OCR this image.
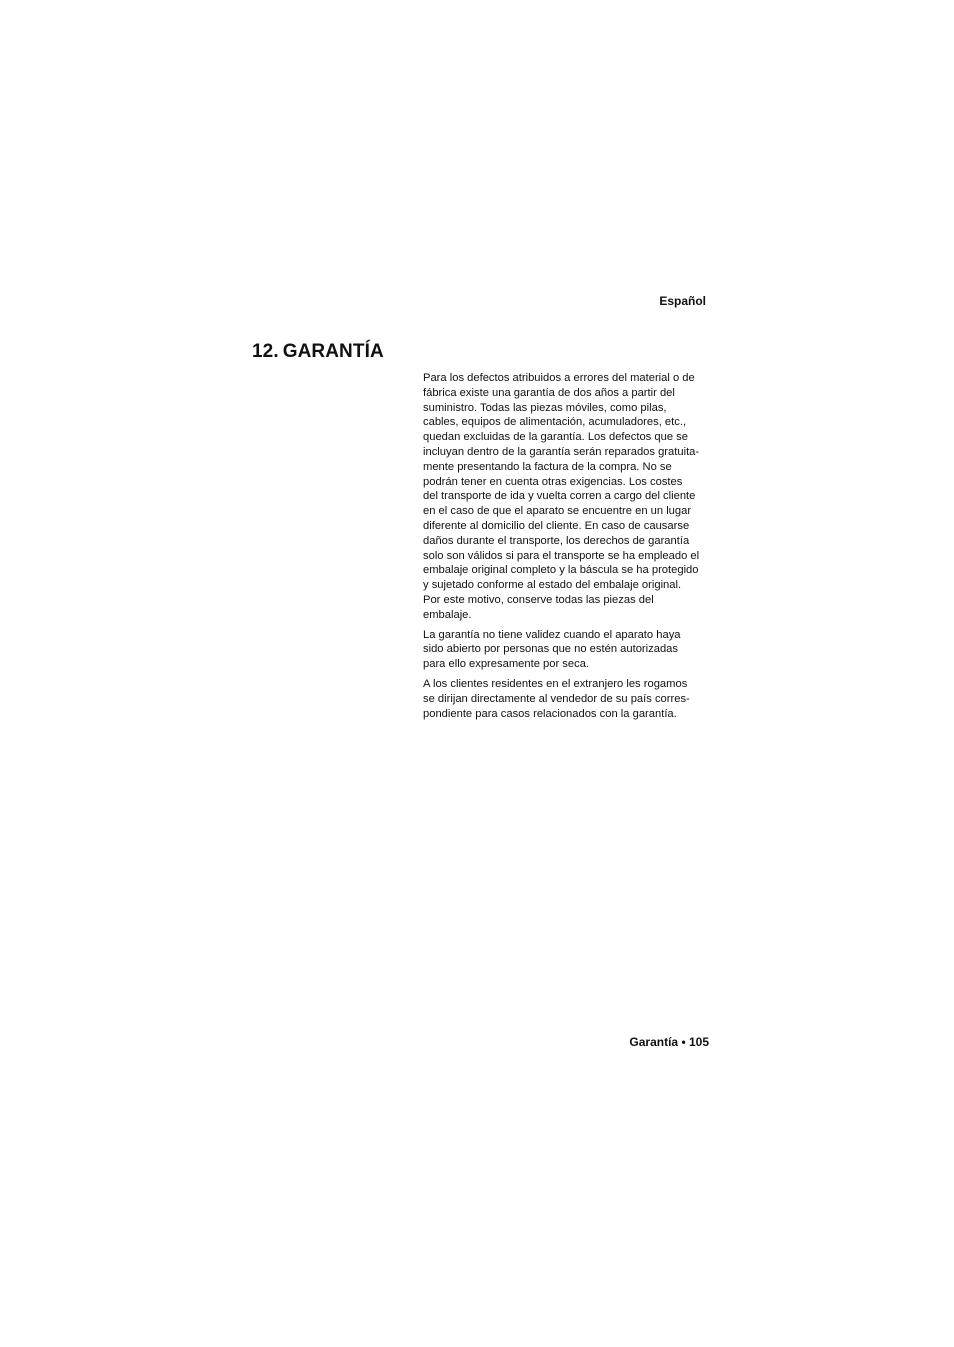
Español
12. GARANTÍA

Para los defectos atribuidos a errores del material o de
fábrica existe una garantía de dos años a partir del
suministro. Todas las piezas móviles, como pilas,
cables, equipos de alimentación, acumuladores, etc.,
quedan excluidas de la garantía. Los defectos que se
incluyan dentro de la garantía serán reparados gratuita-
mente presentando la factura de la compra. No se
podrán tener en cuenta otras exigencias. Los costes
del transporte de ida y vuelta corren a cargo del cliente
en el caso de que el aparato se encuentre en un lugar
diferente al domicilio del cliente. En caso de causarse
daños durante el transporte, los derechos de garantía
solo son válidos si para el transporte se ha empleado el
embalaje original completo y la báscula se ha protegido
y sujetado conforme al estado del embalaje original.
Por este motivo, conserve todas las piezas del
embalaje.

La garantía no tiene validez cuando el aparato haya
sido abierto por personas que no estén autorizadas
para ello expresamente por seca.

A los clientes residentes en el extranjero les rogamos
se dirijan directamente al vendedor de su país corres-
pondiente para casos relacionados con la garantía.

Garantía • 105
